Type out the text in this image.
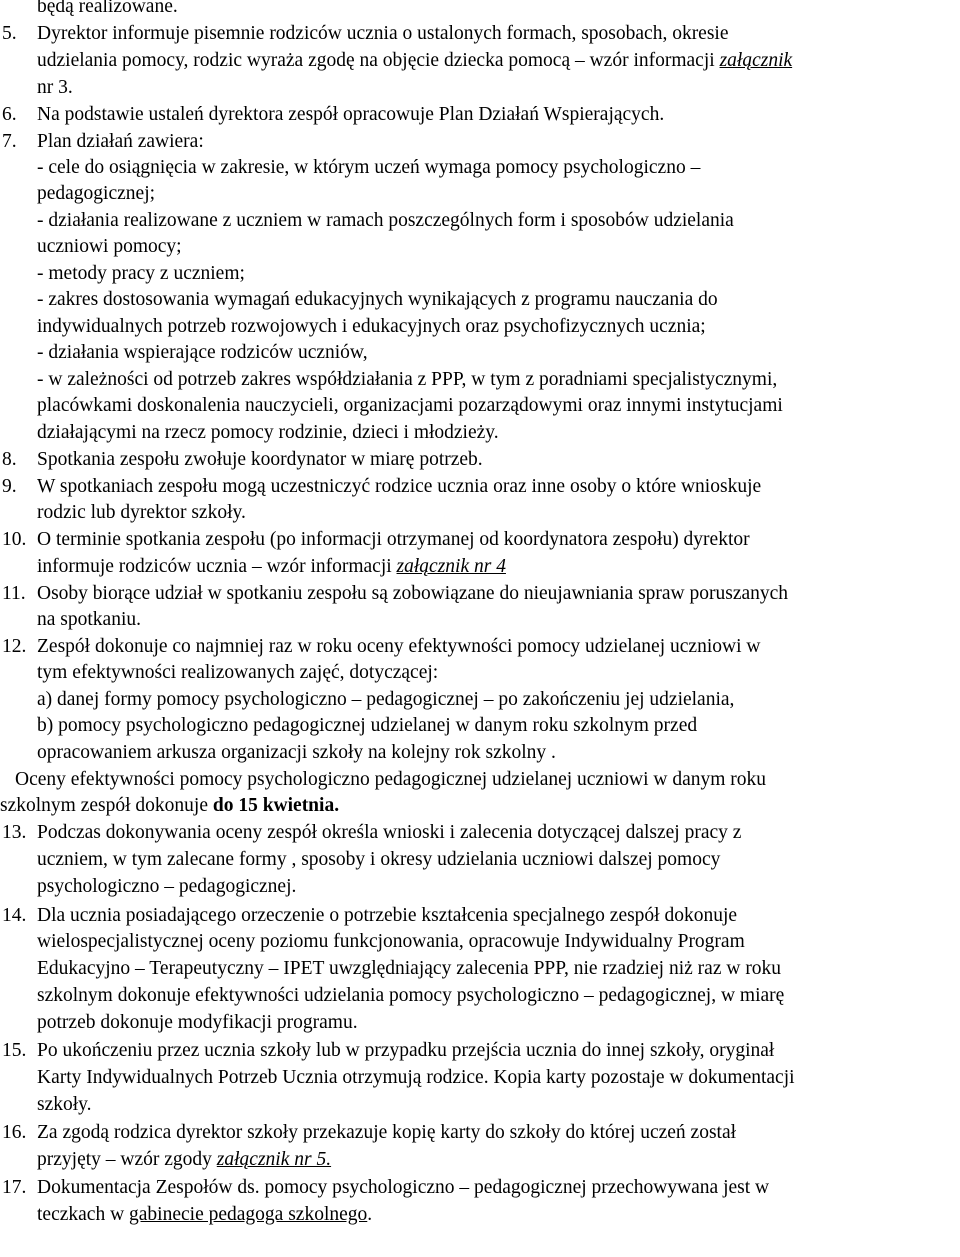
będą realizowane.
5. Dyrektor informuje pisemnie rodziców ucznia o ustalonych formach, sposobach, okresie
udzielania pomocy, rodzic wyraża zgodę na objęcie dziecka pomocą – wzór informacji załącznik
nr 3.
6. Na podstawie ustaleń dyrektora zespół opracowuje Plan Działań Wspierających.
7. Plan działań zawiera:
- cele do osiągnięcia w zakresie, w którym uczeń wymaga pomocy psychologiczno –
pedagogicznej;
- działania realizowane z uczniem w ramach poszczególnych form i sposobów udzielania
uczniowi pomocy;
- metody pracy z uczniem;
- zakres dostosowania wymagań edukacyjnych wynikających z programu nauczania do
indywidualnych potrzeb rozwojowych i edukacyjnych oraz psychofizycznych ucznia;
- działania wspierające rodziców uczniów,
- w zależności od potrzeb zakres współdziałania z PPP, w tym z poradniami specjalistycznymi,
placówkami doskonalenia nauczycieli, organizacjami pozarządowymi oraz innymi instytucjami
działającymi na rzecz pomocy rodzinie, dzieci i młodzieży.
8. Spotkania zespołu zwołuje koordynator w miarę potrzeb.
9. W spotkaniach zespołu mogą uczestniczyć rodzice ucznia oraz inne osoby o które wnioskuje
rodzic lub dyrektor szkoły.
10. O terminie spotkania zespołu (po informacji otrzymanej od koordynatora zespołu) dyrektor
informuje rodziców ucznia – wzór informacji załącznik nr 4
11. Osoby biorące udział w spotkaniu zespołu są zobowiązane do nieujawniania spraw poruszanych
na spotkaniu.
12. Zespół dokonuje co najmniej raz w roku oceny efektywności pomocy udzielanej uczniowi w
tym efektywności realizowanych zajęć, dotyczącej:
a) danej formy pomocy psychologiczno – pedagogicznej – po zakończeniu jej udzielania,
b) pomocy psychologiczno pedagogicznej udzielanej w danym roku szkolnym przed
opracowaniem arkusza organizacji szkoły na kolejny rok szkolny .
Oceny efektywności pomocy psychologiczno pedagogicznej udzielanej uczniowi w danym roku
szkolnym zespół dokonuje do 15 kwietnia.
13. Podczas dokonywania oceny zespół określa wnioski i zalecenia dotyczącej dalszej pracy z
uczniem, w tym zalecane formy , sposoby i okresy udzielania uczniowi dalszej pomocy
psychologiczno – pedagogicznej.
14. Dla ucznia posiadającego orzeczenie o potrzebie kształcenia specjalnego zespół dokonuje
wielospecjalistycznej oceny poziomu funkcjonowania, opracowuje Indywidualny Program
Edukacyjno – Terapeutyczny – IPET uwzględniający zalecenia PPP, nie rzadziej niż raz w roku
szkolnym dokonuje efektywności udzielania pomocy psychologiczno – pedagogicznej, w miarę
potrzeb dokonuje modyfikacji programu.
15. Po ukończeniu przez ucznia szkoły lub w przypadku przejścia ucznia do innej szkoły, oryginał
Karty Indywidualnych Potrzeb Ucznia otrzymują rodzice. Kopia karty pozostaje w dokumentacji
szkoły.
16. Za zgodą rodzica dyrektor szkoły przekazuje kopię karty do szkoły do której uczeń został
przyjęty – wzór zgody załącznik nr 5.
17. Dokumentacja Zespołów ds. pomocy psychologiczno – pedagogicznej przechowywana jest w
teczkach w gabinecie pedagoga szkolnego.
